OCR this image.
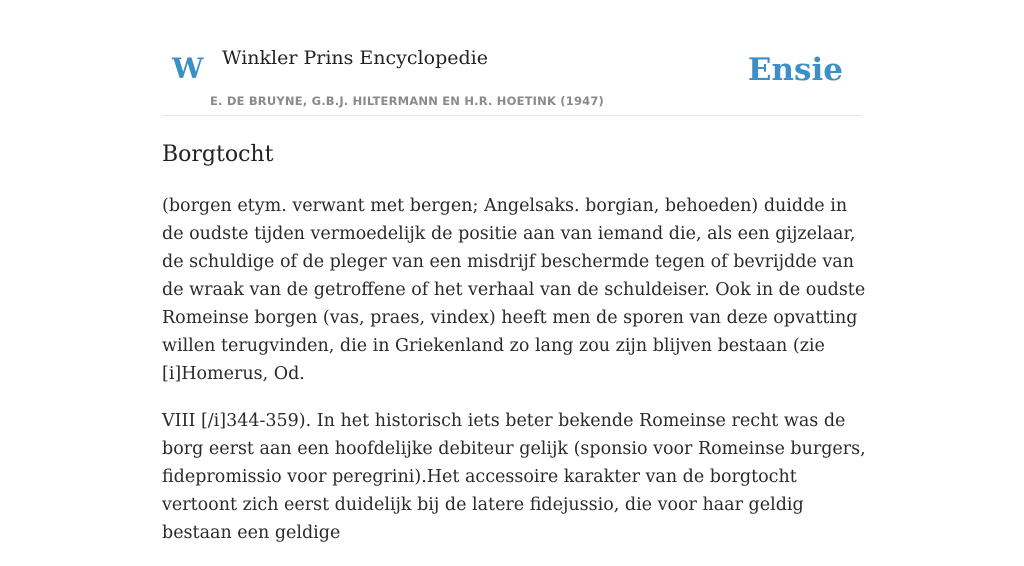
W Winkler Prins Encyclopedie
E. DE BRUYNE, G.B.J. HILTERMANN EN H.R. HOETINK (1947)
Ensie
Borgtocht

(borgen etym. verwant met bergen; Angelsaks. borgian, behoeden) duidde in de oudste tijden vermoedelijk de positie aan van iemand die, als een gijzelaar, de schuldige of de pleger van een misdrijf beschermde tegen of bevrijdde van de wraak van de getroffene of het verhaal van de schuldeiser. Ook in de oudste Romeinse borgen (vas, praes, vindex) heeft men de sporen van deze opvatting willen terugvinden, die in Griekenland zo lang zou zijn blijven bestaan (zie [i]Homerus, Od.

VIII [/i]344-359). In het historisch iets beter bekende Romeinse recht was de borg eerst aan een hoofdelijke debiteur gelijk (sponsio voor Romeinse burgers, fidepromissio voor peregrini).Het accessoire karakter van de borgtocht vertoont zich eerst duidelijk bij de latere fidejussio, die voor haar geldig bestaan een geldige
